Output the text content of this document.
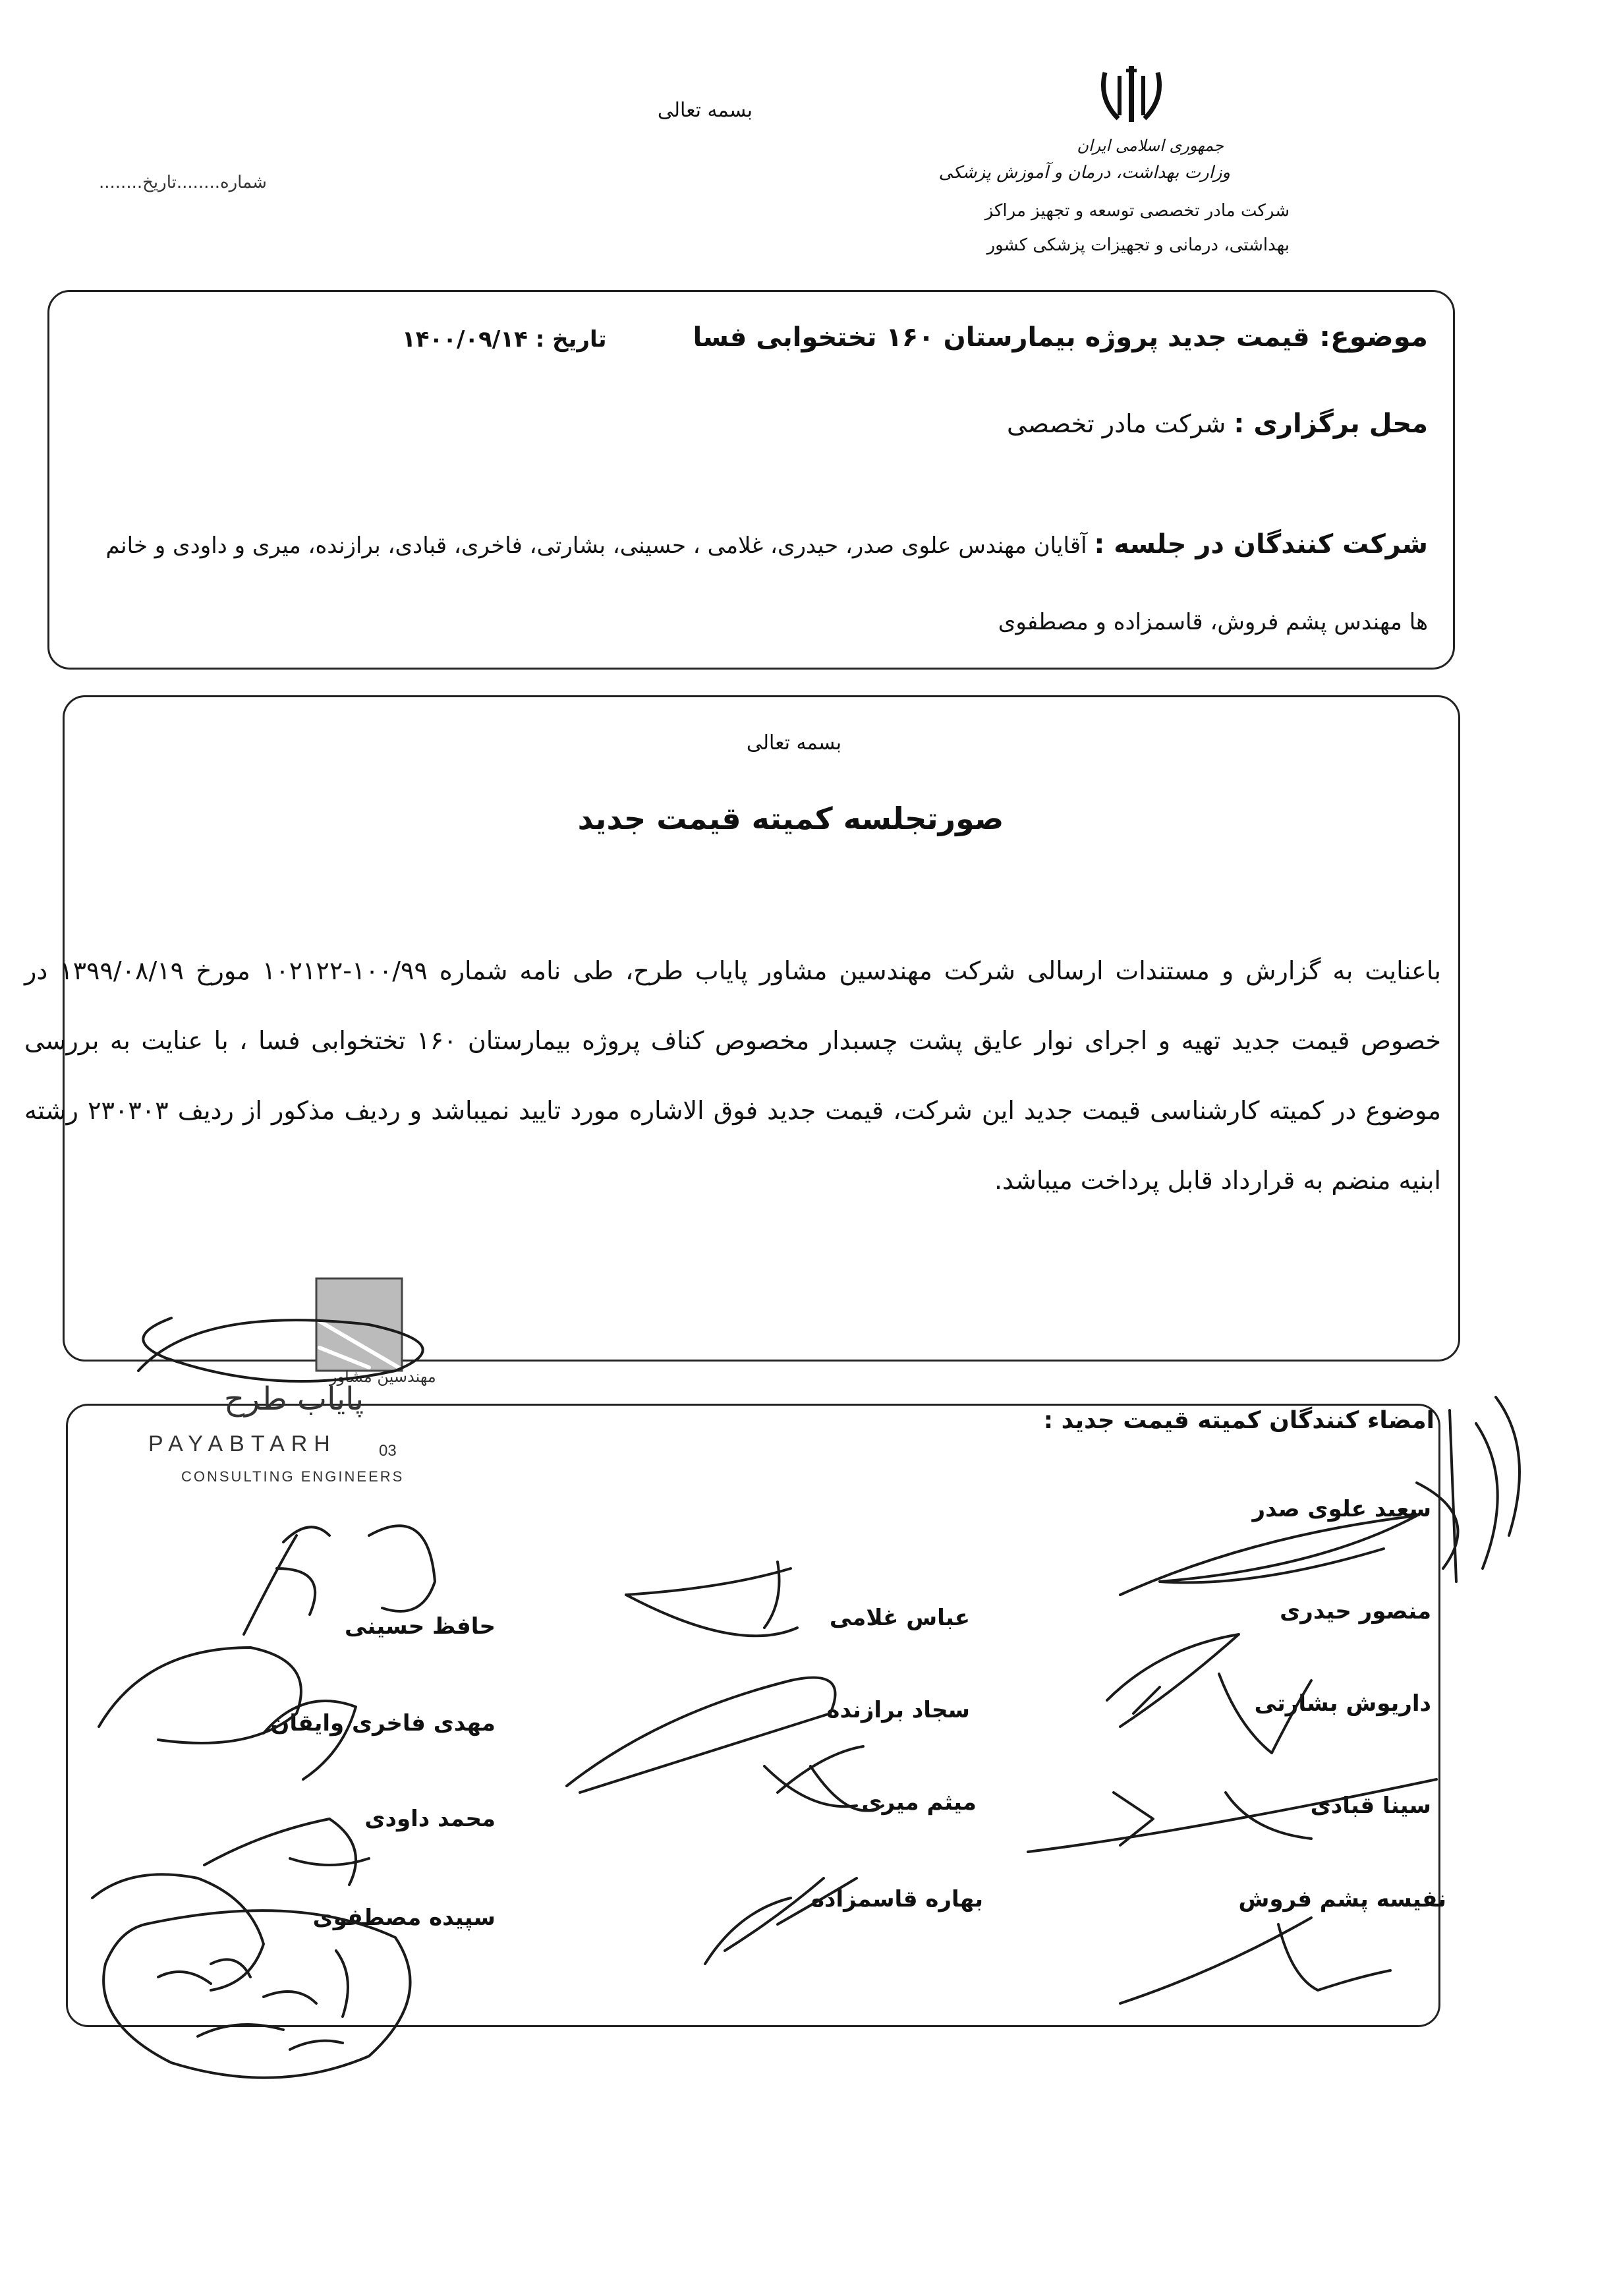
بسمه تعالی
شماره........تاریخ........
جمهوری اسلامی ایران
وزارت بهداشت، درمان و آموزش پزشکی
شرکت مادر تخصصی توسعه و تجهیز مراکز
بهداشتی، درمانی و تجهیزات پزشکی کشور
موضوع: قیمت جدید پروژه بیمارستان ۱۶۰ تختخوابی فسا
تاریخ : ۱۴۰۰/۰۹/۱۴
محل برگزاری : شرکت مادر تخصصی
شرکت کنندگان در جلسه : آقایان مهندس علوی صدر، حیدری، غلامی ، حسینی، بشارتی، فاخری، قبادی، برازنده، میری و داودی و خانم ها مهندس پشم فروش، قاسمزاده و مصطفوی
بسمه تعالی
صورتجلسه کمیته قیمت جدید
باعنایت به گزارش و مستندات ارسالی شرکت مهندسین مشاور پایاب طرح، طی نامه شماره ۱۰۰/۹۹-۱۰۲۱۲۲ مورخ ۱۳۹۹/۰۸/۱۹ در خصوص قیمت جدید تهیه و اجرای نوار عایق پشت چسبدار مخصوص کناف پروژه بیمارستان ۱۶۰ تختخوابی فسا ، با عنایت به بررسی موضوع در کمیته کارشناسی قیمت جدید این شرکت، قیمت جدید فوق الاشاره مورد تایید نمیباشد و ردیف مذکور از ردیف ۲۳۰۳۰۳ رشته ابنیه منضم به قرارداد قابل پرداخت میباشد.
مهندسین مشاور
پایاب طرح
PAYABTARH	03
CONSULTING ENGINEERS
امضاء کنندگان کمیته قیمت جدید :
سعید علوی صدر
منصور حیدری
داریوش بشارتی
سینا قبادی
نفیسه پشم فروش
عباس غلامی
سجاد برازنده
میثم میری
بهاره قاسمزاده
حافظ حسینی
مهدی فاخری وایقان
محمد داودی
سپیده مصطفوی
